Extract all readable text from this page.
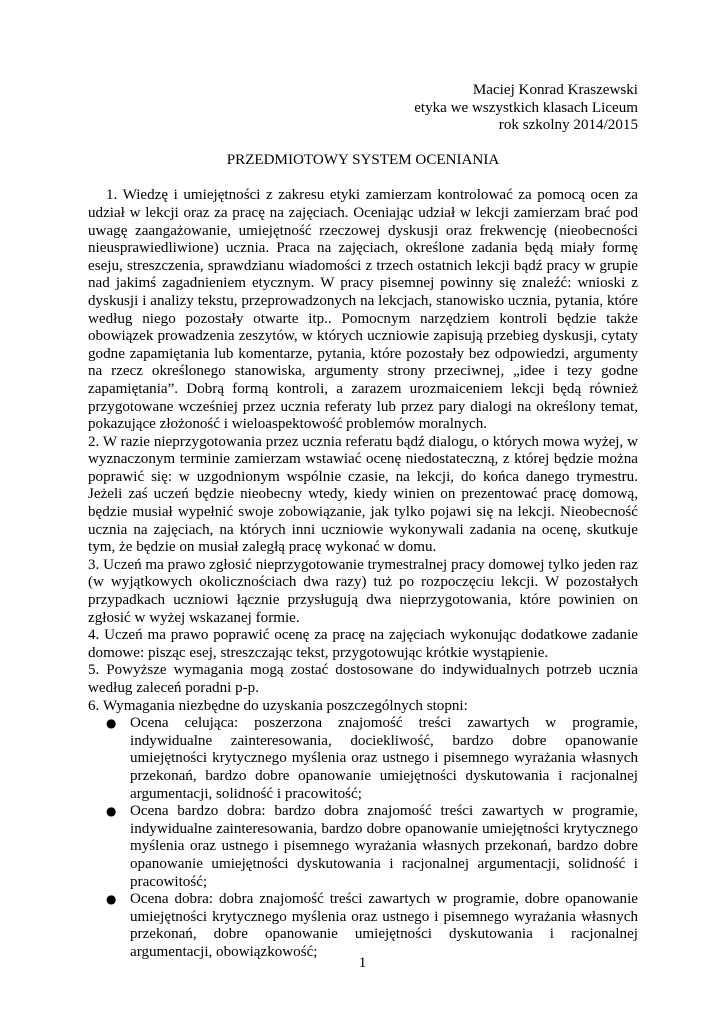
Maciej Konrad Kraszewski
etyka we wszystkich klasach Liceum
rok szkolny 2014/2015
PRZEDMIOTOWY SYSTEM OCENIANIA

1. Wiedzę i umiejętności z zakresu etyki zamierzam kontrolować za pomocą ocen za udział w lekcji oraz za pracę na zajęciach. Oceniając udział w lekcji zamierzam brać pod uwagę zaangażowanie, umiejętność rzeczowej dyskusji oraz frekwencję (nieobecności nieusprawiedliwione) ucznia. Praca na zajęciach, określone zadania będą miały formę eseju, streszczenia, sprawdzianu wiadomości z trzech ostatnich lekcji bądź pracy w grupie nad jakimś zagadnieniem etycznym. W pracy pisemnej powinny się znaleźć: wnioski z dyskusji i analizy tekstu, przeprowadzonych na lekcjach, stanowisko ucznia, pytania, które według niego pozostały otwarte itp.. Pomocnym narzędziem kontroli będzie także obowiązek prowadzenia zeszytów, w których uczniowie zapisują przebieg dyskusji, cytaty godne zapamiętania lub komentarze, pytania, które pozostały bez odpowiedzi, argumenty na rzecz określonego stanowiska, argumenty strony przeciwnej, „idee i tezy godne zapamiętania”. Dobrą formą kontroli, a zarazem urozmaiceniem lekcji będą również przygotowane wcześniej przez ucznia referaty lub przez pary dialogi na określony temat, pokazujące złożoność i wieloaspektowość problemów moralnych.

2. W razie nieprzygotowania przez ucznia referatu bądź dialogu, o których mowa wyżej, w wyznaczonym terminie zamierzam wstawiać ocenę niedostateczną, z której będzie można poprawić się: w uzgodnionym wspólnie czasie, na lekcji, do końca danego trymestru. Jeżeli zaś uczeń będzie nieobecny wtedy, kiedy winien on prezentować pracę domową, będzie musiał wypełnić swoje zobowiązanie, jak tylko pojawi się na lekcji. Nieobecność ucznia na zajęciach, na których inni uczniowie wykonywali zadania na ocenę, skutkuje tym, że będzie on musiał zaległą pracę wykonać w domu.

3. Uczeń ma prawo zgłosić nieprzygotowanie trymestralnej pracy domowej tylko jeden raz (w wyjątkowych okolicznościach dwa razy) tuż po rozpoczęciu lekcji. W pozostałych przypadkach uczniowi łącznie przysługują dwa nieprzygotowania, które powinien on zgłosić w wyżej wskazanej formie.

4. Uczeń ma prawo poprawić ocenę za pracę na zajęciach wykonując dodatkowe zadanie domowe: pisząc esej, streszczając tekst, przygotowując krótkie wystąpienie.

5. Powyższe wymagania mogą zostać dostosowane do indywidualnych potrzeb ucznia według zaleceń poradni p-p.

6. Wymagania niezbędne do uzyskania poszczególnych stopni:

● Ocena celująca: poszerzona znajomość treści zawartych w programie, indywidualne zainteresowania, dociekliwość, bardzo dobre opanowanie umiejętności krytycznego myślenia oraz ustnego i pisemnego wyrażania własnych przekonań, bardzo dobre opanowanie umiejętności dyskutowania i racjonalnej argumentacji, solidność i pracowitość;
● Ocena bardzo dobra: bardzo dobra znajomość treści zawartych w programie, indywidualne zainteresowania, bardzo dobre opanowanie umiejętności krytycznego myślenia oraz ustnego i pisemnego wyrażania własnych przekonań, bardzo dobre opanowanie umiejętności dyskutowania i racjonalnej argumentacji, solidność i pracowitość;
● Ocena dobra: dobra znajomość treści zawartych w programie, dobre opanowanie umiejętności krytycznego myślenia oraz ustnego i pisemnego wyrażania własnych przekonań, dobre opanowanie umiejętności dyskutowania i racjonalnej argumentacji, obowiązkowość;
1
